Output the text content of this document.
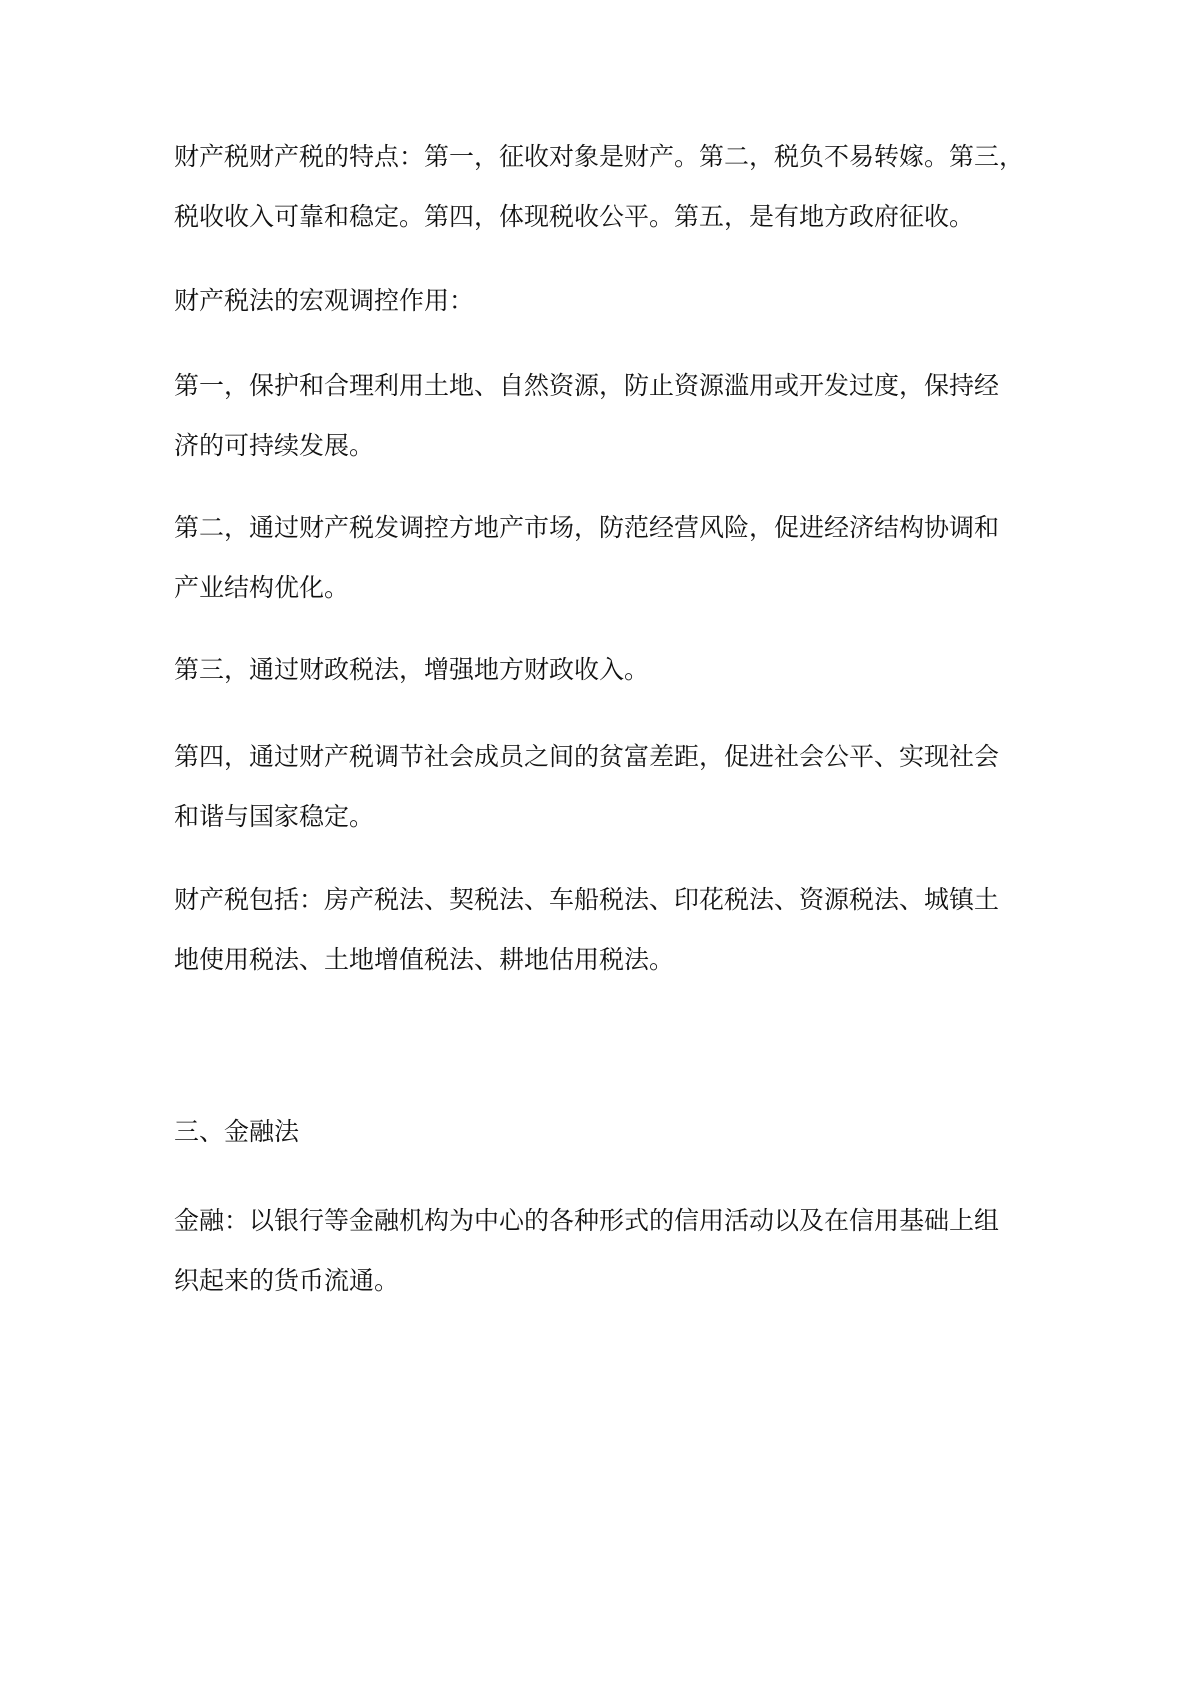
财产税财产税的特点：第一，征收对象是财产。第二，税负不易转嫁。第三，
税收收入可靠和稳定。第四，体现税收公平。第五，是有地方政府征收。
财产税法的宏观调控作用：
第一，保护和合理利用土地、自然资源，防止资源滥用或开发过度，保持经
济的可持续发展。
第二，通过财产税发调控方地产市场，防范经营风险，促进经济结构协调和
产业结构优化。
第三，通过财政税法，增强地方财政收入。
第四，通过财产税调节社会成员之间的贫富差距，促进社会公平、实现社会
和谐与国家稳定。
财产税包括：房产税法、契税法、车船税法、印花税法、资源税法、城镇土
地使用税法、土地增值税法、耕地估用税法。
三、金融法
金融：以银行等金融机构为中心的各种形式的信用活动以及在信用基础上组
织起来的货币流通。
